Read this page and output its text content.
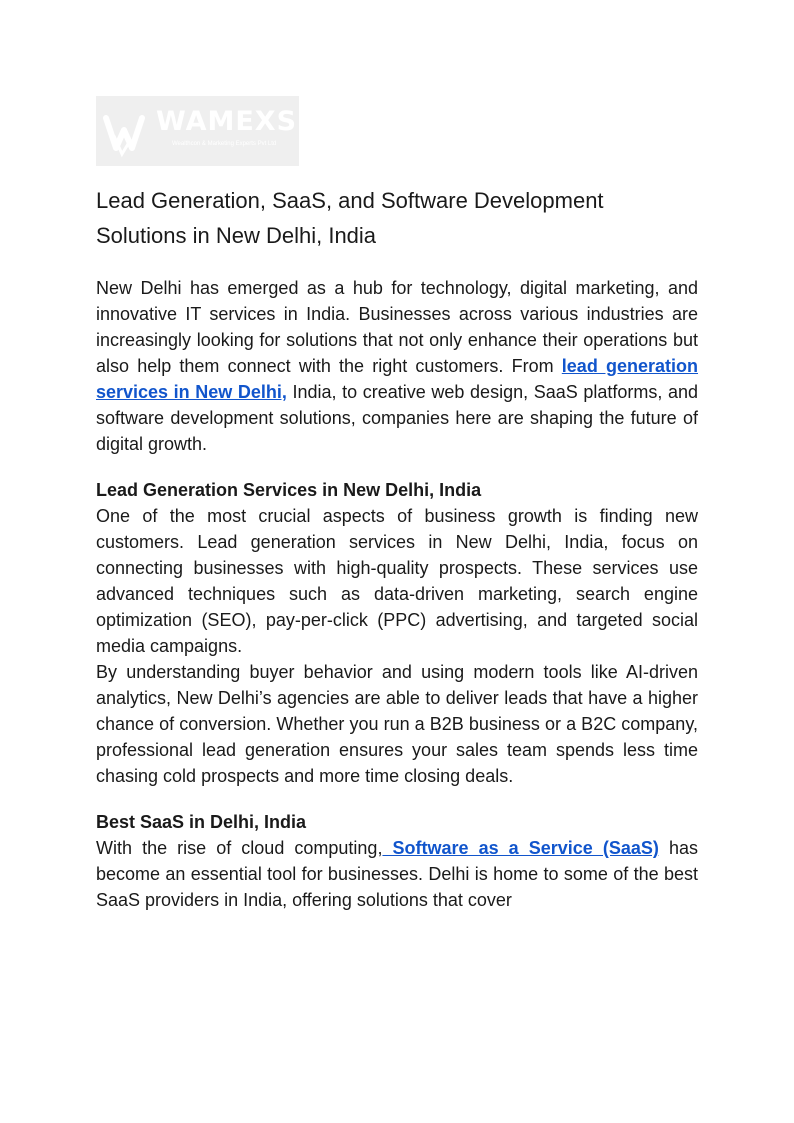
WAMEXS
Wealthcon & Marketing Experts Pvt Ltd
Lead Generation, SaaS, and Software Development Solutions in New Delhi, India

New Delhi has emerged as a hub for technology, digital marketing, and innovative IT services in India. Businesses across various industries are increasingly looking for solutions that not only enhance their operations but also help them connect with the right customers. From lead generation services in New Delhi, India, to creative web design, SaaS platforms, and software development solutions, companies here are shaping the future of digital growth.

Lead Generation Services in New Delhi, India

One of the most crucial aspects of business growth is finding new customers. Lead generation services in New Delhi, India, focus on connecting businesses with high-quality prospects. These services use advanced techniques such as data-driven marketing, search engine optimization (SEO), pay-per-click (PPC) advertising, and targeted social media campaigns.

By understanding buyer behavior and using modern tools like AI-driven analytics, New Delhi’s agencies are able to deliver leads that have a higher chance of conversion. Whether you run a B2B business or a B2C company, professional lead generation ensures your sales team spends less time chasing cold prospects and more time closing deals.

Best SaaS in Delhi, India

With the rise of cloud computing, Software as a Service (SaaS) has become an essential tool for businesses. Delhi is home to some of the best SaaS providers in India, offering solutions that cover
